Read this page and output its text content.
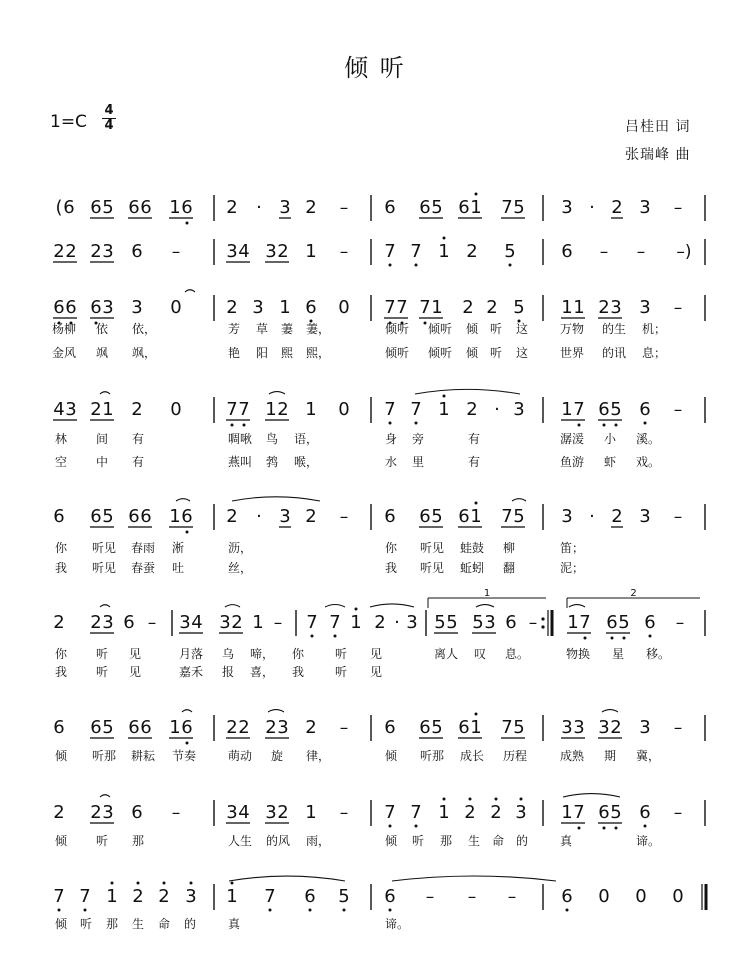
倾 听
1=C
4
4	吕桂田 词
张瑞峰 曲
( 6 6 5 6 6 1 6 2 · 3 2 – 6 6 5 6 1 7 5 3 · 2 3 –
2 2 2 3 6 –	3 4 3 2 1 – 7 7 1 2 5	6 – – –)
6 6 6 3 3 0 2 3 1 6 0 7 7 7 1 2 2 5 1 1 2 3 3 –
杨柳 依 依，	芳 草 萋 萋，	倾听 倾听 倾 听 这	万物 的生 机；
金风 飒 飒，	艳 阳 熙 熙，	倾听 倾听 倾 听 这	世界 的讯 息；
4 3 2 1 2 0 7 7 1 2 1 0 7 7 1 2 · 3 1 7 6 5 6 –
林 间 有	啁啾 鸟 语，	身 旁	有	潺湲 小 溪。
空 中 有	燕叫 鹁 喉，	水 里	有	鱼游 虾 戏。
6 6 5 6 6 1 6 2 · 3 2 – 6 6 5 6 1 7 5 3 · 2 3 –
你 听见 春雨 淅	沥，	你 听见 蛙鼓 柳	笛；
我 听见 春蚕 吐	丝，	我 听见 蚯蚓 翻	泥；
2 2 3 6 – 3 4 3 2 1 – 7 7 1 2 · 3 5 5 5 3 6 – 1 7 6 5 6 –
你 听 见	月落 乌 啼， 你	听 见	离人 叹 息。	物换 星 移。
我 听 见	嘉禾 报 喜， 我	听 见
6 6 5 6 6 1 6 2 2 2 3 2 – 6 6 5 6 1 7 5 3 3 3 2 3 –
倾 听那 耕耘 节奏	萌动 旋 律，	倾 听那 成长 历程	成熟 期 冀，
2 2 3 6 –	3 4 3 2 1 – 7 7 1 2 2 3 1 7 6 5 6 –
倾 听 那	人生 的风 雨，	倾 听 那 生 命 的	真	谛。
7 7 1 2 2 3 1 7 6 5 6 – – –	6 0 0 0
倾 听 那 生 命 的	真	谛。
1	2
